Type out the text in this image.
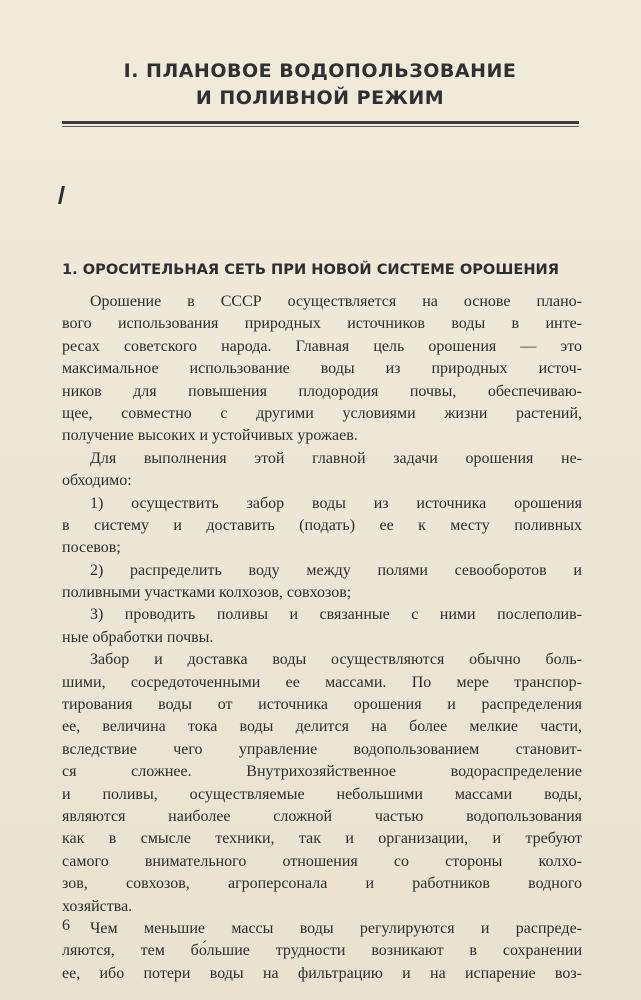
I. ПЛАНОВОЕ ВОДОПОЛЬЗОВАНИЕ
И ПОЛИВНОЙ РЕЖИМ
1. ОРОСИТЕЛЬНАЯ СЕТЬ ПРИ НОВОЙ СИСТЕМЕ ОРОШЕНИЯ
Орошение в СССР осуществляется на основе плано-
вого использования природных источников воды в инте-
ресах советского народа. Главная цель орошения — это
максимальное использование воды из природных источ-
ников для повышения плодородия почвы, обеспечиваю-
щее, совместно с другими условиями жизни растений,
получение высоких и устойчивых урожаев.
Для выполнения этой главной задачи орошения не-
обходимо:
1) осуществить забор воды из источника орошения
в систему и доставить (подать) ее к месту поливных
посевов;
2) распределить воду между полями севооборотов и
поливными участками колхозов, совхозов;
3) проводить поливы и связанные с ними послеполив-
ные обработки почвы.
Забор и доставка воды осуществляются обычно боль-
шими, сосредоточенными ее массами. По мере транспор-
тирования воды от источника орошения и распределения
ее, величина тока воды делится на более мелкие части,
вследствие чего управление водопользованием становит-
ся сложнее. Внутрихозяйственное водораспределение
и поливы, осуществляемые небольшими массами воды,
являются наиболее сложной частью водопользования
как в смысле техники, так и организации, и требуют
самого внимательного отношения со стороны колхо-
зов, совхозов, агроперсонала и работников водного
хозяйства.
Чем меньшие массы воды регулируются и распреде-
ляются, тем бо́льшие трудности возникают в сохранении
ее, ибо потери воды на фильтрацию и на испарение воз-
6
